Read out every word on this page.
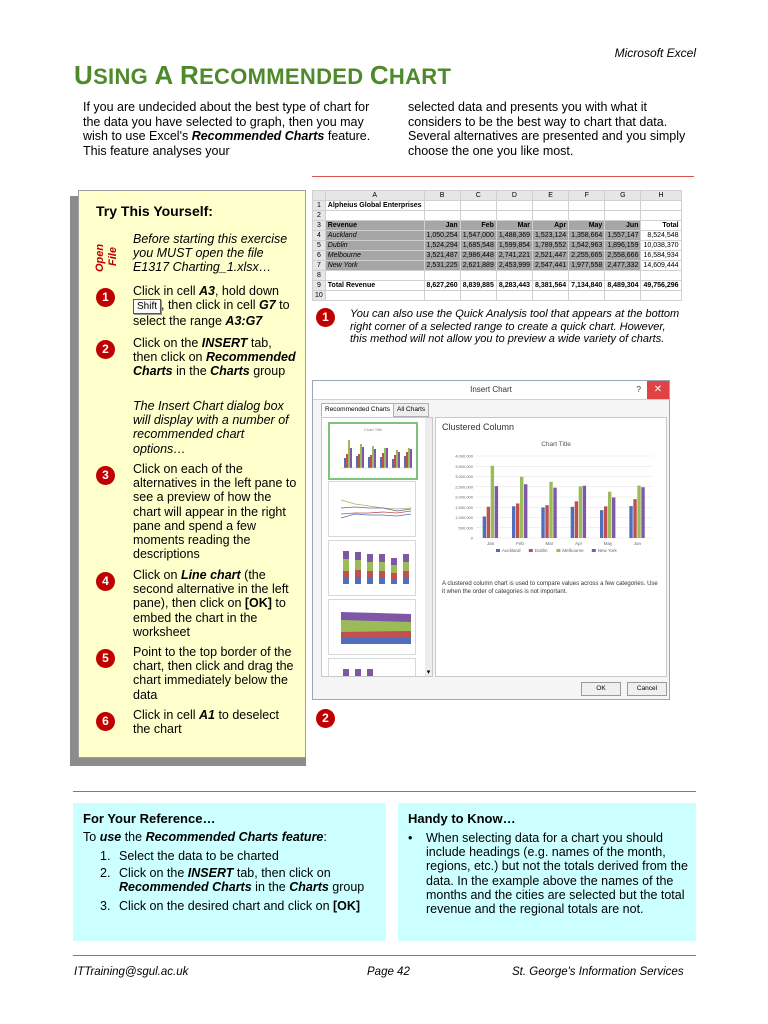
Microsoft Excel
USING A RECOMMENDED CHART
If you are undecided about the best type of chart for the data you have selected to graph, then you may wish to use Excel's Recommended Charts feature. This feature analyses your
selected data and presents you with what it considers to be the best way to chart that data. Several alternatives are presented and you simply choose the one you like most.
Try This Yourself:
Open File
Before starting this exercise you MUST open the file E1317 Charting_1.xlsx…
1	Click in cell A3, hold down Shift , then click in cell G7 to select the range A3:G7
2	Click on the INSERT tab, then click on Recommended Charts in the Charts group
The Insert Chart dialog box will display with a number of recommended chart options…
3	Click on each of the alternatives in the left pane to see a preview of how the chart will appear in the right pane and spend a few moments reading the descriptions
4	Click on Line chart (the second alternative in the left pane), then click on [OK] to embed the chart in the worksheet
5	Point to the top border of the chart, then click and drag the chart immediately below the data
6	Click in cell A1 to deselect the chart
	A	B	C	D	E	F	G	H
1	Alpheius Global Enterprises							
2								
3	Revenue	Jan	Feb	Mar	Apr	May	Jun	Total
4	Auckland	1,050,254	1,547,000	1,488,369	1,523,124	1,358,664	1,557,147	8,524,548
5	Dublin	1,524,294	1,685,548	1,599,854	1,789,552	1,542,963	1,896,159	10,038,370
6	Melbourne	3,521,487	2,986,448	2,741,221	2,521,447	2,255,665	2,558,666	16,584,934
7	New York	2,531,225	2,621,889	2,453,999	2,547,441	1,977,558	2,477,332	14,609,444
8								
9	Total Revenue	8,627,260	8,839,885	8,283,443	8,381,564	7,134,840	8,489,304	49,756,296
10								
1	You can also use the Quick Analysis tool that appears at the bottom right corner of a selected range to create a quick chart. However, this method will not allow you to preview a wide variety of charts.
Insert Chart	?	✕
Recommended Charts	All Charts
Chart Title
▾
Clustered Column
Chart Title
4,000,000
3,500,000
3,000,000
2,500,000
2,000,000
1,500,000
1,000,000
500,000
0
Jan	Feb	Mar	Apr	May	Jun
Auckland	Dublin	Melbourne	New York
A clustered column chart is used to compare values across a few categories. Use it when the order of categories is not important.
OK	Cancel
2
For Your Reference…
To use the Recommended Charts feature:
1. Select the data to be charted
2. Click on the INSERT tab, then click on Recommended Charts in the Charts group
3. Click on the desired chart and click on [OK]
Handy to Know…
• When selecting data for a chart you should include headings (e.g. names of the month, regions, etc.) but not the totals derived from the data. In the example above the names of the months and the cities are selected but the total revenue and the regional totals are not.
ITTraining@sgul.ac.uk	Page 42	St. George's Information Services
